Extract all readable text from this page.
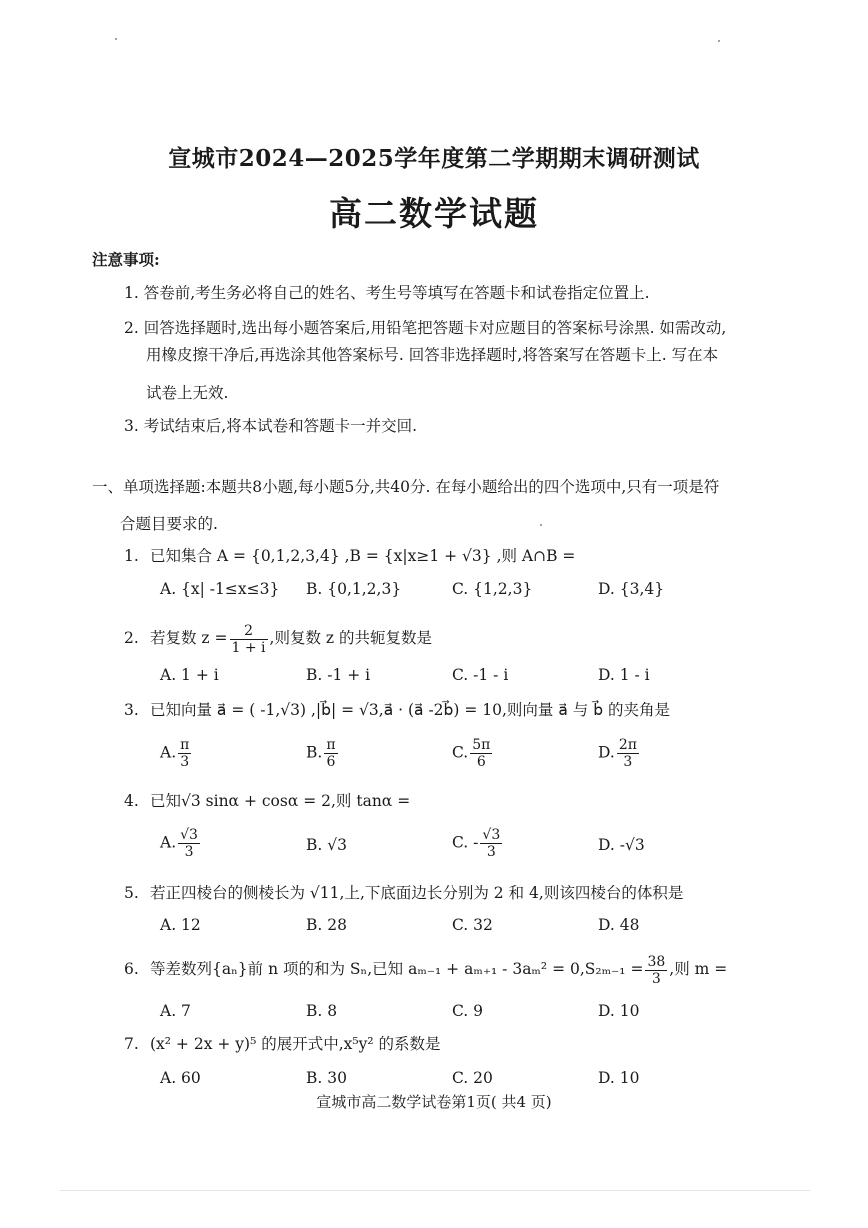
宣城市2024—2025学年度第二学期期末调研测试
高二数学试题
注意事项:
1. 答卷前,考生务必将自己的姓名、考生号等填写在答题卡和试卷指定位置上.
2. 回答选择题时,选出每小题答案后,用铅笔把答题卡对应题目的答案标号涂黑. 如需改动,
用橡皮擦干净后,再选涂其他答案标号. 回答非选择题时,将答案写在答题卡上. 写在本
试卷上无效.
3. 考试结束后,将本试卷和答题卡一并交回.
一、单项选择题:本题共8小题,每小题5分,共40分. 在每小题给出的四个选项中,只有一项是符
合题目要求的.
1. 已知集合 A = {0,1,2,3,4} ,B = {x|x≥1 + √3} ,则 A∩B =
A. {x| -1≤x≤3} B. {0,1,2,3}	C. {1,2,3}	D. {3,4}
2. 若复数 $z = \frac{2}{1 + i}$ ,则复数 z 的共轭复数是
A. 1 + i	B. -1 + i	C. -1 - i	D. 1 - i
3. 已知向量 a⃗ = ( -1,√3) ,|b⃗| = √3,a⃗ · (a⃗ -2b⃗) = 10,则向量 a⃗ 与 b⃗ 的夹角是
A. $\frac{\pi}{3}$	B. $\frac{\pi}{6}$	C. $\frac{5\pi}{6}$	D. $\frac{2\pi}{3}$
4. 已知√3 sinα + cosα = 2,则 tanα =
A. $\frac{√3}{3}$	B. √3	C. - $\frac{√3}{3}$	D. -√3
5. 若正四棱台的侧棱长为 √11,上,下底面边长分别为 2 和 4,则该四棱台的体积是
A. 12	B. 28	C. 32	D. 48
6. 等差数列{aₙ}前 n 项的和为 Sₙ,已知 $a_{m-1} + a_{m+1} - 3a_m^2 = 0,S_{2m-1} = \frac{38}{3}$ ,则 m =
A. 7	B. 8	C. 9	D. 10
7. (x² + 2x + y)⁵ 的展开式中,x⁵y² 的系数是
A. 60	B. 30	C. 20	D. 10
宣城市高二数学试卷第1页( 共4 页)
